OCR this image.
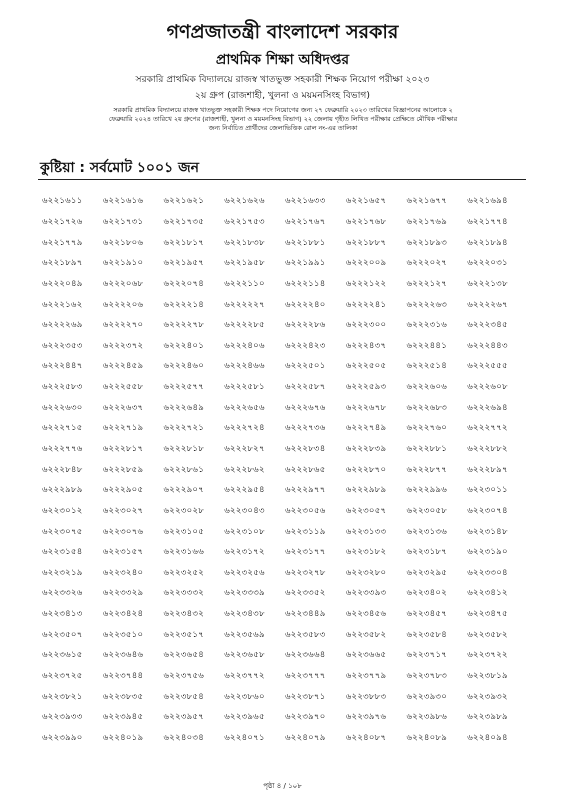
গণপ্রজাতন্ত্রী বাংলাদেশ সরকার
প্রাথমিক শিক্ষা অধিদপ্তর
সরকারি প্রাথমিক বিদ্যালয়ে রাজস্ব খাতভুক্ত সহকারী শিক্ষক নিয়োগ পরীক্ষা ২০২৩
২য় গ্রুপ (রাজশাহী, খুলনা ও ময়মনসিংহ বিভাগ)
সরকারি প্রাথমিক বিদ্যালয়ে রাজস্ব খাতভুক্ত সহকারী শিক্ষক পদে নিয়োগের জন্য ২৭ ফেব্রুয়ারি ২০২৩ তারিখের বিজ্ঞাপনের আলোকে ২
ফেব্রুয়ারি ২০২৪ তারিখে ২য় গ্রুপের (রাজশাহী, খুলনা ও ময়মনসিংহ বিভাগ) ২২ জেলায় গৃহীত লিখিত পরীক্ষার প্রেক্ষিতে মৌখিক পরীক্ষার
জন্য নির্বাচিত প্রার্থীদের জেলাভিত্তিক রোল নং-এর তালিকা
কুষ্টিয়া : সর্বমোট ১০০১ জন
৬২২১৬১১	৬২২১৬১৬	৬২২১৬২১	৬২২১৬২৬	৬২২১৬৩৩	৬২২১৬৫৭	৬২২১৬৭৭	৬২২১৬৯৪
৬২২১৭২৬	৬২২১৭৩১	৬২২১৭৩৫	৬২২১৭৫৩	৬২২১৭৬৭	৬২২১৭৬৮	৬২২১৭৬৯	৬২২১৭৭৪
৬২২১৭৭৯	৬২২১৮০৬	৬২২১৮১৭	৬২২১৮৩৮	৬২২১৮৮১	৬২২১৮৮৭	৬২২১৮৯৩	৬২২১৮৯৪
৬২২১৮৯৭	৬২২১৯১০	৬২২১৯৫৭	৬২২১৯৫৮	৬২২১৯৯১	৬২২২০০৯	৬২২২০২৭	৬২২২০৩১
৬২২২০৪৯	৬২২২০৬৮	৬২২২০৭৪	৬২২২১১০	৬২২২১১৪	৬২২২১২২	৬২২২১২৭	৬২২২১৩৮
৬২২২১৬২	৬২২২২০৬	৬২২২২১৪	৬২২২২২৭	৬২২২২৪০	৬২২২২৪১	৬২২২২৬৩	৬২২২২৬৭
৬২২২২৬৯	৬২২২২৭০	৬২২২২৭৮	৬২২২২৮৫	৬২২২২৮৬	৬২২২৩০০	৬২২২৩১৬	৬২২২৩৪৫
৬২২২৩৫৩	৬২২২৩৭২	৬২২২৪০১	৬২২২৪০৬	৬২২২৪২৩	৬২২২৪৩৭	৬২২২৪৪১	৬২২২৪৪৩
৬২২২৪৪৭	৬২২২৪৫৯	৬২২২৪৬০	৬২২২৪৬৬	৬২২২৫০১	৬২২২৫০৫	৬২২২৫১৪	৬২২২৫৫৫
৬২২২৫৮৩	৬২২২৫৫৮	৬২২২৫৭৭	৬২২২৫৮১	৬২২২৫৮৭	৬২২২৫৯৩	৬২২২৬০৬	৬২২২৬০৮
৬২২২৬৩০	৬২২২৬৩৭	৬২২২৬৪৯	৬২২২৬৫৬	৬২২২৬৭৬	৬২২২৬৭৮	৬২২২৬৮৩	৬২২২৬৯৪
৬২২২৭১৫	৬২২২৭১৯	৬২২২৭২১	৬২২২৭২৪	৬২২২৭৩৬	৬২২২৭৪৯	৬২২২৭৬০	৬২২২৭৭২
৬২২২৭৭৬	৬২২২৮১৭	৬২২২৮১৮	৬২২২৮২৭	৬২২২৮৩৪	৬২২২৮৩৯	৬২২২৮৮১	৬২২২৮৮২
৬২২২৮৪৮	৬২২২৮৫৯	৬২২২৮৬১	৬২২২৮৬২	৬২২২৮৬৫	৬২২২৮৭০	৬২২২৮৭৭	৬২২২৮৯৭
৬২২২৯৮৯	৬২২২৯০৫	৬২২২৯০৭	৬২২২৯৫৪	৬২২২৯৭৭	৬২২২৯৮৯	৬২২২৯৯৬	৬২২৩০১১
৬২২৩০১২	৬২২৩০২৭	৬২২৩০২৮	৬২২৩০৪৩	৬২২৩০৫৬	৬২২৩০৫৭	৬২২৩০৫৮	৬২২৩০৭৪
৬২২৩০৭৫	৬২২৩০৭৬	৬২২৩১০৫	৬২২৩১০৮	৬২২৩১১৯	৬২২৩১৩৩	৬২২৩১৩৬	৬২২৩১৪৮
৬২২৩১৫৪	৬২২৩১৫৭	৬২২৩১৬৬	৬২২৩১৭২	৬২২৩১৭৭	৬২২৩১৮২	৬২২৩১৮৭	৬২২৩১৯০
৬২২৩২১৯	৬২২৩২৪০	৬২২৩২৫২	৬২২৩২৫৬	৬২২৩২৭৮	৬২২৩২৮০	৬২২৩২৯৫	৬২২৩৩০৪
৬২২৩৩২৬	৬২২৩৩২৯	৬২২৩৩৩২	৬২২৩৩৩৯	৬২২৩৩৫২	৬২২৩৩৯৩	৬২২৩৪০২	৬২২৩৪১২
৬২২৩৪১৩	৬২২৩৪২৪	৬২২৩৪৩২	৬২২৩৪৩৮	৬২২৩৪৪৯	৬২২৩৪৫৬	৬২২৩৪৫৭	৬২২৩৪৭৫
৬২২৩৫০৭	৬২২৩৫১০	৬২২৩৫১৭	৬২২৩৫৬৯	৬২২৩৫৮৩	৬২২৩৫৮২	৬২২৩৫৮৪	৬২২৩৫৮২
৬২২৩৬১৫	৬২২৩৬৪৬	৬২২৩৬৫৪	৬২২৩৬৫৮	৬২২৩৬৬৪	৬২২৩৬৬৫	৬২২৩৭১৭	৬২২৩৭২২
৬২২৩৭২৫	৬২২৩৭৪৪	৬২২৩৭৫৬	৬২২৩৭৭২	৬২২৩৭৭৭	৬২২৩৭৭৯	৬২২৩৭৮৩	৬২২৩৮১৯
৬২২৩৮২১	৬২২৩৮৩৫	৬২২৩৮৫৪	৬২২৩৮৬০	৬২২৩৮৭১	৬২২৩৮৮৩	৬২২৩৯৩০	৬২২৩৯৩২
৬২২৩৯৩৩	৬২২৩৯৪৫	৬২২৩৯৫৭	৬২২৩৯৬৫	৬২২৩৯৭০	৬২২৩৯৭৬	৬২২৩৯৮৬	৬২২৩৯৮৯
৬২২৩৯৯০	৬২২৪০১৯	৬২২৪০৩৪	৬২২৪০৭১	৬২২৪০৭৯	৬২২৪০৮৭	৬২২৪০৮৯	৬২২৪০৯৪
পৃষ্ঠা ৪ / ১০৮
